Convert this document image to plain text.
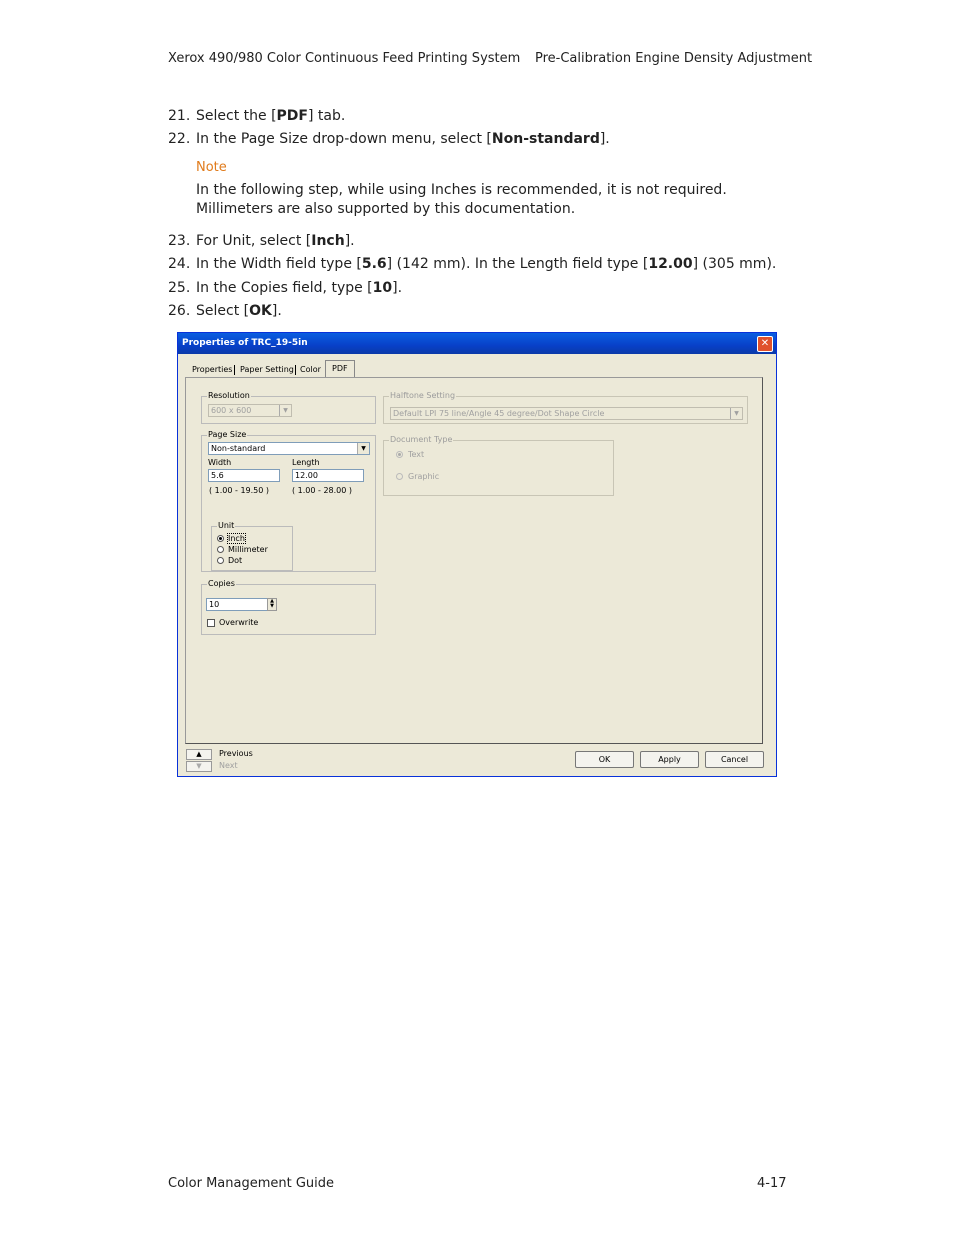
Xerox 490/980 Color Continuous Feed Printing System Pre-Calibration Engine Density Adjustment
21. Select the [PDF] tab.
22. In the Page Size drop-down menu, select [Non-standard].
Note
In the following step, while using Inches is recommended, it is not required. Millimeters are also supported by this documentation.
23. For Unit, select [Inch].
24. In the Width field type [5.6] (142 mm). In the Length field type [12.00] (305 mm).
25. In the Copies field, type [10].
26. Select [OK].
Properties of TRC_19-5in	✕
Properties Paper Setting Color	PDF
Resolution
600 x 600	▼
Halftone Setting
Default LPI 75 line/Angle 45 degree/Dot Shape Circle	▼
Page Size
Non-standard	▼
Width	Length
5.6	12.00
( 1.00 - 19.50 )	( 1.00 - 28.00 )
Unit
Inch
Millimeter
Dot
Document Type
Text
Graphic
Copies
10	▲
▼
Overwrite
▲	Previous
▼	Next
OK	Apply	Cancel
Color Management Guide	4-17
